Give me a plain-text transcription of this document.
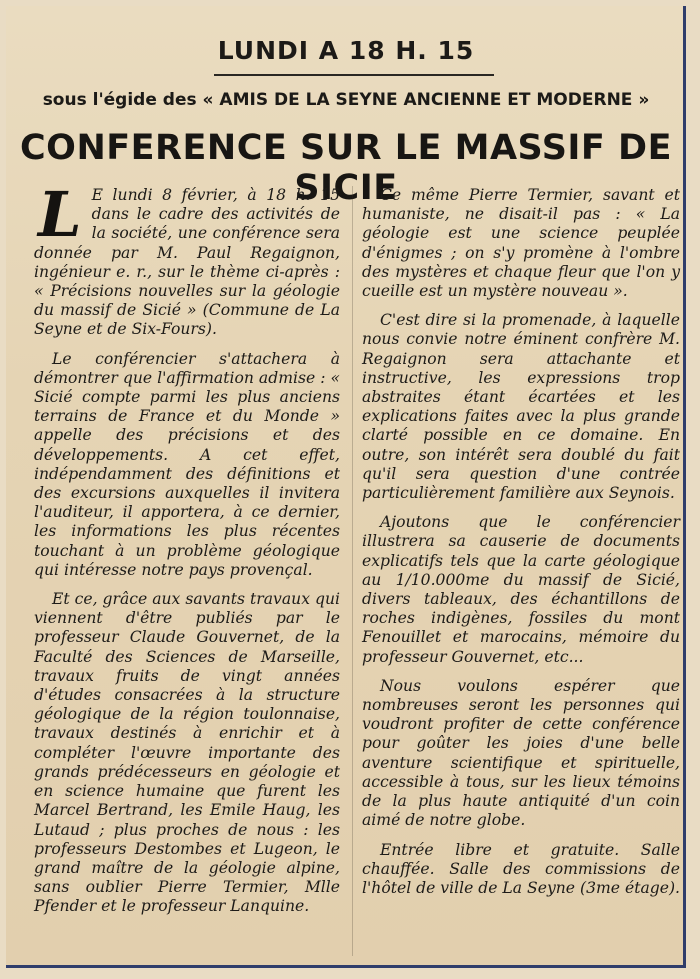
LUNDI A 18 H. 15
sous l'égide des « AMIS DE LA SEYNE ANCIENNE ET MODERNE »
CONFERENCE SUR LE MASSIF DE SICIE

L E lundi 8 février, à 18 h. 15 dans le cadre des activités de la société, une conférence sera donnée par M. Paul Regaignon, ingénieur e. r., sur le thème ci-après : « Précisions nouvelles sur la géologie du massif de Sicié » (Commune de La Seyne et de Six-Fours).

Le conférencier s'attachera à démontrer que l'affirmation admise : « Sicié compte parmi les plus anciens terrains de France et du Monde » appelle des précisions et des développements. A cet effet, indépendamment des définitions et des excursions auxquelles il invitera l'auditeur, il apportera, à ce dernier, les informations les plus récentes touchant à un problème géologique qui intéresse notre pays provençal.

Et ce, grâce aux savants travaux qui viennent d'être publiés par le professeur Claude Gouvernet, de la Faculté des Sciences de Marseille, travaux fruits de vingt années d'études consacrées à la structure géologique de la région toulonnaise, travaux destinés à enrichir et à compléter l'œuvre importante des grands prédécesseurs en géologie et en science humaine que furent les Marcel Bertrand, les Emile Haug, les Lutaud ; plus proches de nous : les professeurs Destombes et Lugeon, le grand maître de la géologie alpine, sans oublier Pierre Termier, Mlle Pfender et le professeur Lanquine.

Ce même Pierre Termier, savant et humaniste, ne disait-il pas : « La géologie est une science peuplée d'énigmes ; on s'y promène à l'ombre des mystères et chaque fleur que l'on y cueille est un mystère nouveau ».

C'est dire si la promenade, à laquelle nous convie notre éminent confrère M. Regaignon sera attachante et instructive, les expressions trop abstraites étant écartées et les explications faites avec la plus grande clarté possible en ce domaine. En outre, son intérêt sera doublé du fait qu'il sera question d'une contrée particulièrement familière aux Seynois.

Ajoutons que le conférencier illustrera sa causerie de documents explicatifs tels que la carte géologique au 1/10.000me du massif de Sicié, divers tableaux, des échantillons de roches indigènes, fossiles du mont Fenouillet et marocains, mémoire du professeur Gouvernet, etc...

Nous voulons espérer que nombreuses seront les personnes qui voudront profiter de cette conférence pour goûter les joies d'une belle aventure scientifique et spirituelle, accessible à tous, sur les lieux témoins de la plus haute antiquité d'un coin aimé de notre globe.

Entrée libre et gratuite. Salle chauffée. Salle des commissions de l'hôtel de ville de La Seyne (3me étage).
